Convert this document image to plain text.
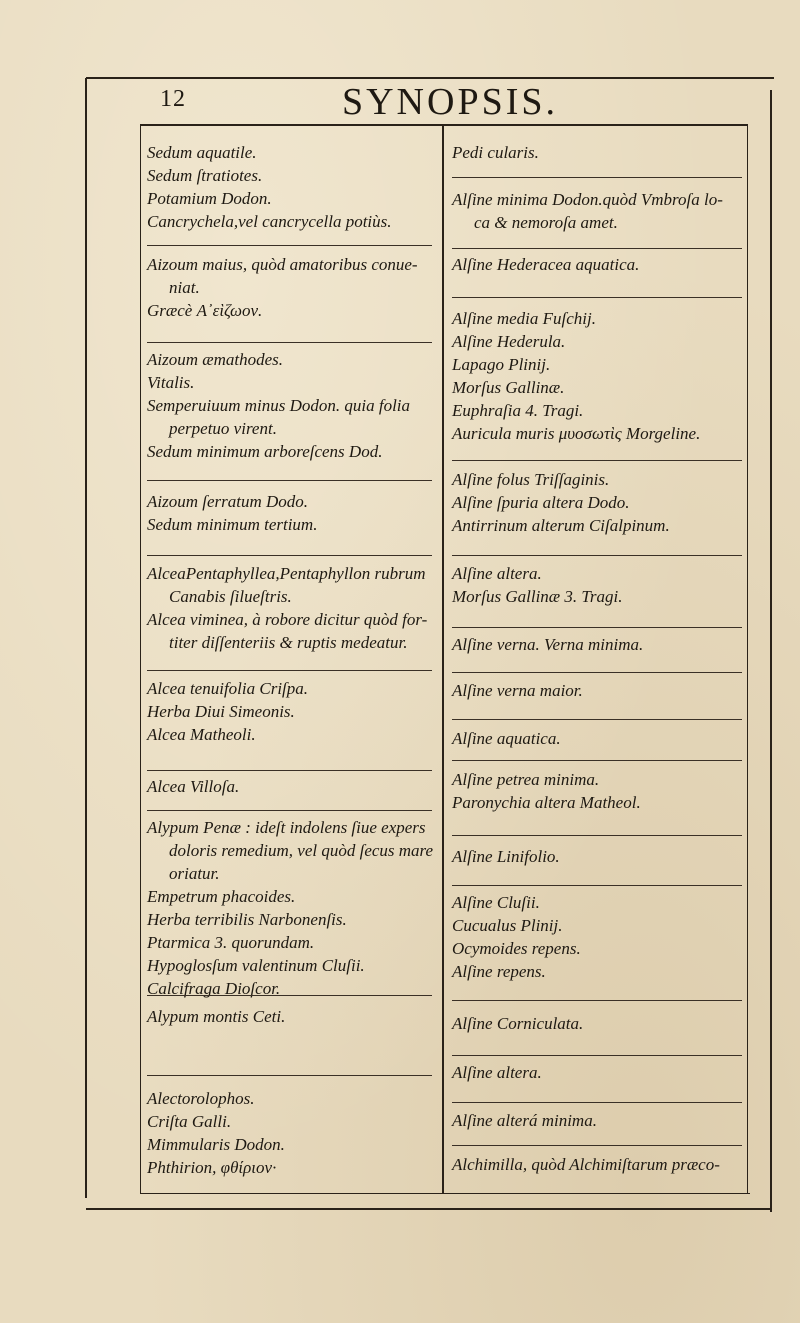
12	SYNOPSIS.
Sedum aquatile.
Sedum ſtratiotes.
Potamium Dodon.
Cancrychela,vel cancrycella potiùs.
Aizoum maius, quòd amatoribus conue-
niat.
Græcè Α᾿εὶζωον.
Aizoum æmathodes.
Vitalis.
Semperuiuum minus Dodon. quia folia
perpetuo virent.
Sedum minimum arboreſcens Dod.
Aizoum ſerratum Dodo.
Sedum minimum tertium.
AlceaPentaphyllea,Pentaphyllon rubrum
Canabis ſilueſtris.
Alcea viminea, à robore dicitur quòd for-
titer diſſenteriis & ruptis medeatur.
Alcea tenuifolia Criſpa.
Herba Diui Simeonis.
Alcea Matheoli.
Alcea Villoſa.
Alypum Penæ : ideſt indolens ſiue expers
doloris remedium, vel quòd ſecus mare
oriatur.
Empetrum phacoides.
Herba terribilis Narbonenſis.
Ptarmica 3. quorundam.
Hypoglosſum valentinum Cluſii.
Calcifraga Dioſcor.
Alypum montis Ceti.
Alectorolophos.
Criſta Galli.
Mimmularis Dodon.
Phthirion, φθίριον·
Pedi cularis.
Alſine minima Dodon.quòd Vmbroſa lo-
ca & nemoroſa amet.
Alſine Hederacea aquatica.
Alſine media Fuſchij.
Alſine Hederula.
Lapago Plinij.
Morſus Gallinæ.
Euphraſia 4. Tragi.
Auricula muris μυοσωτὶς Morgeline.
Alſine folus Triſſaginis.
Alſine ſpuria altera Dodo.
Antirrinum alterum Ciſalpinum.
Alſine altera.
Morſus Gallinæ 3. Tragi.
Alſine verna. Verna minima.
Alſine verna maior.
Alſine aquatica.
Alſine petrea minima.
Paronychia altera Matheol.
Alſine Linifolio.
Alſine Cluſii.
Cucualus Plinij.
Ocymoides repens.
Alſine repens.
Alſine Corniculata.
Alſine altera.
Alſine alterá minima.
Alchimilla, quòd Alchimiſtarum præco-
